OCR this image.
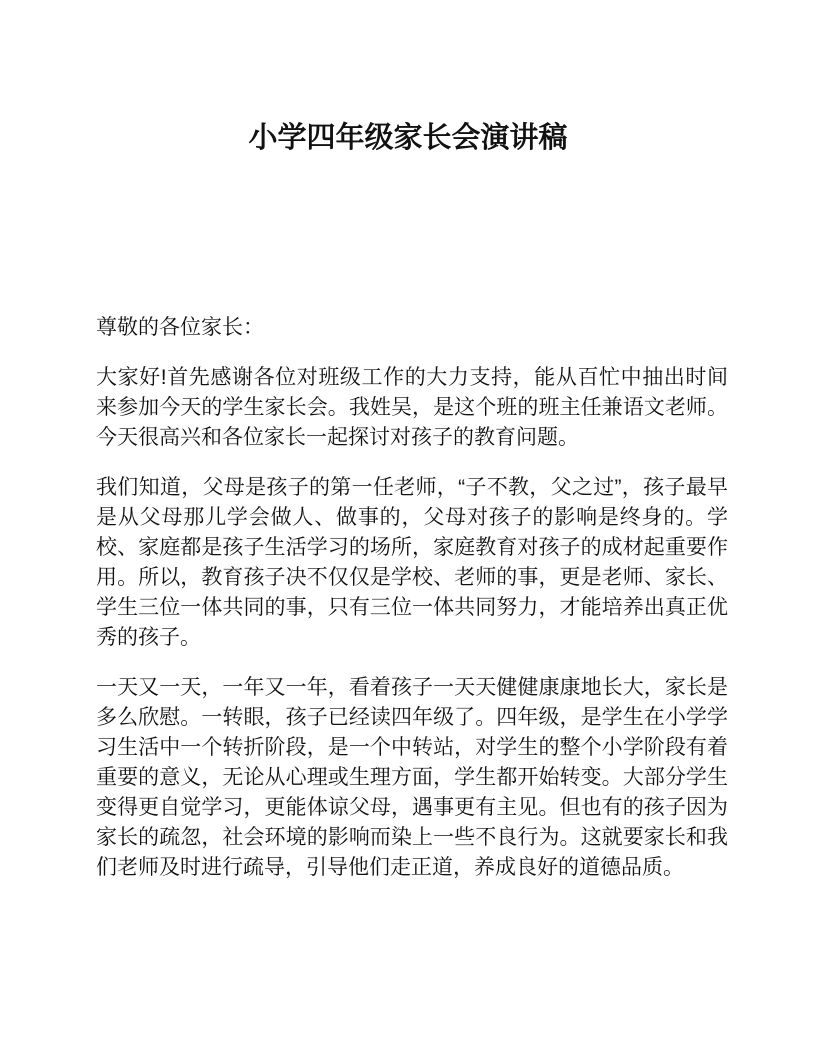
小学四年级家长会演讲稿

尊敬的各位家长：

大家好!首先感谢各位对班级工作的大力支持，能从百忙中抽出时间来参加今天的学生家长会。我姓吴，是这个班的班主任兼语文老师。今天很高兴和各位家长一起探讨对孩子的教育问题。

我们知道，父母是孩子的第一任老师，“子不教，父之过”，孩子最早是从父母那儿学会做人、做事的，父母对孩子的影响是终身的。学校、家庭都是孩子生活学习的场所，家庭教育对孩子的成材起重要作用。所以，教育孩子决不仅仅是学校、老师的事，更是老师、家长、学生三位一体共同的事，只有三位一体共同努力，才能培养出真正优秀的孩子。

一天又一天，一年又一年，看着孩子一天天健健康康地长大，家长是多么欣慰。一转眼，孩子已经读四年级了。四年级，是学生在小学学习生活中一个转折阶段，是一个中转站，对学生的整个小学阶段有着重要的意义，无论从心理或生理方面，学生都开始转变。大部分学生变得更自觉学习，更能体谅父母，遇事更有主见。但也有的孩子因为家长的疏忽，社会环境的影响而染上一些不良行为。这就要家长和我们老师及时进行疏导，引导他们走正道，养成良好的道德品质。
